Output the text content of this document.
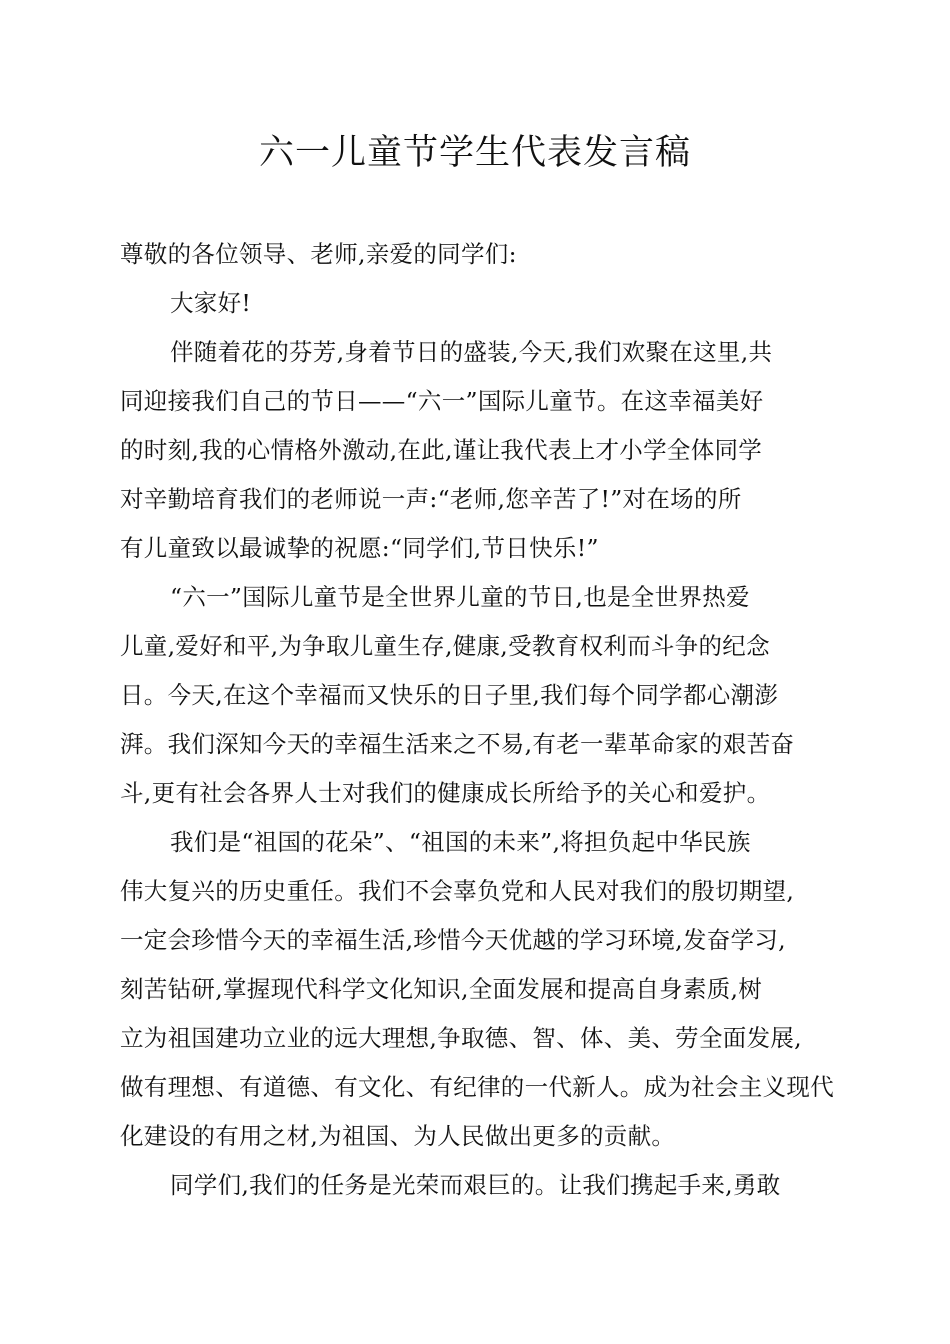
六一儿童节学生代表发言稿
尊敬的各位领导、老师,亲爱的同学们:
大家好!
伴随着花的芬芳,身着节日的盛装,今天,我们欢聚在这里,共
同迎接我们自己的节日——“六一”国际儿童节。在这幸福美好
的时刻,我的心情格外激动,在此,谨让我代表上才小学全体同学
对辛勤培育我们的老师说一声:“老师,您辛苦了!”对在场的所
有儿童致以最诚挚的祝愿:“同学们,节日快乐!”
“六一”国际儿童节是全世界儿童的节日,也是全世界热爱
儿童,爱好和平,为争取儿童生存,健康,受教育权利而斗争的纪念
日。今天,在这个幸福而又快乐的日子里,我们每个同学都心潮澎
湃。我们深知今天的幸福生活来之不易,有老一辈革命家的艰苦奋
斗,更有社会各界人士对我们的健康成长所给予的关心和爱护。
我们是“祖国的花朵”、“祖国的未来”,将担负起中华民族
伟大复兴的历史重任。我们不会辜负党和人民对我们的殷切期望,
一定会珍惜今天的幸福生活,珍惜今天优越的学习环境,发奋学习,
刻苦钻研,掌握现代科学文化知识,全面发展和提高自身素质,树
立为祖国建功立业的远大理想,争取德、智、体、美、劳全面发展,
做有理想、有道德、有文化、有纪律的一代新人。成为社会主义现代
化建设的有用之材,为祖国、为人民做出更多的贡献。
同学们,我们的任务是光荣而艰巨的。让我们携起手来,勇敢
